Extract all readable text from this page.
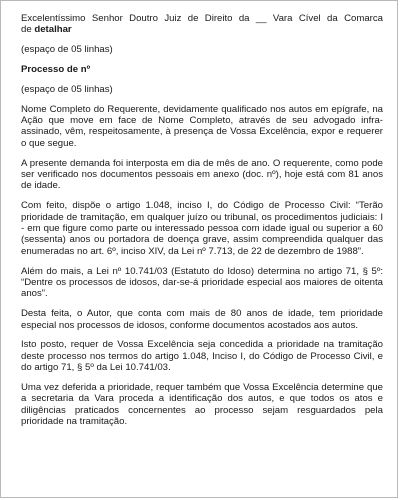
Excelentíssimo Senhor Doutro Juiz de Direito da __ Vara Cível da Comarca

de detalhar

(espaço de 05 linhas)

Processo de nº

(espaço de 05 linhas)

Nome Completo do Requerente, devidamente qualificado nos autos em epígrafe, na Ação que move em face de Nome Completo, através de seu advogado infra-assinado, vêm, respeitosamente, à presença de Vossa Excelência, expor e requerer o que segue.

A presente demanda foi interposta em dia de mês de ano. O requerente, como pode ser verificado nos documentos pessoais em anexo (doc. nº), hoje está com 81 anos de idade.

Com feito, dispõe o artigo 1.048, inciso I, do Código de Processo Civil: “Terão prioridade de tramitação, em qualquer juízo ou tribunal, os procedimentos judiciais: I - em que figure como parte ou interessado pessoa com idade igual ou superior a 60 (sessenta) anos ou portadora de doença grave, assim compreendida qualquer das enumeradas no art. 6º, inciso XIV, da Lei nº 7.713, de 22 de dezembro de 1988”.

Além do mais, a Lei nº 10.741/03 (Estatuto do Idoso) determina no artigo 71, § 5º: “Dentre os processos de idosos, dar-se-á prioridade especial aos maiores de oitenta anos”.

Desta feita, o Autor, que conta com mais de 80 anos de idade, tem prioridade especial nos processos de idosos, conforme documentos acostados aos autos.

Isto posto, requer de Vossa Excelência seja concedida a prioridade na tramitação deste processo nos termos do artigo 1.048, Inciso I, do Código de Processo Civil, e do artigo 71, § 5º da Lei 10.741/03.

Uma vez deferida a prioridade, requer também que Vossa Excelência determine que a secretaria da Vara proceda a identificação dos autos, e que todos os atos e diligências praticados concernentes ao processo sejam resguardados pela prioridade na tramitação.
